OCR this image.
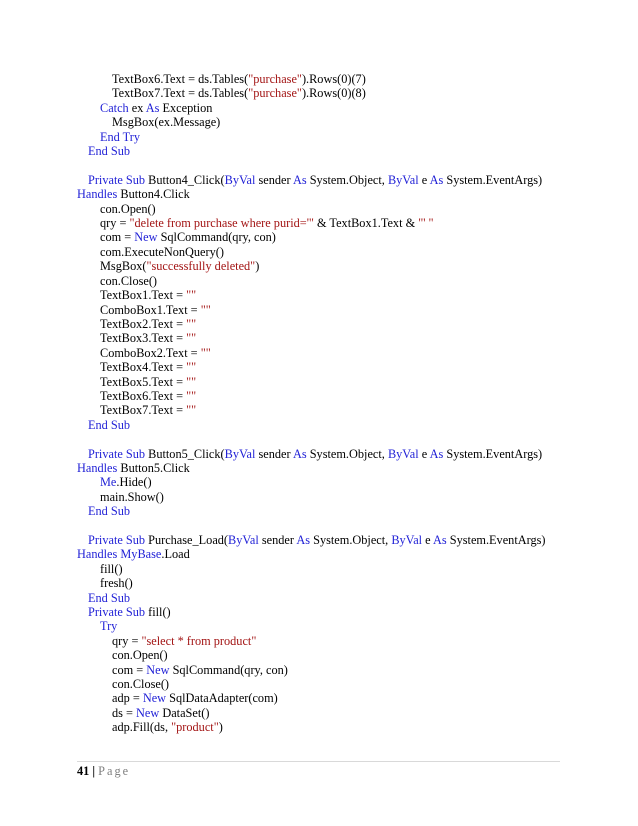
TextBox6.Text = ds.Tables("purchase").Rows(0)(7)
TextBox7.Text = ds.Tables("purchase").Rows(0)(8)
Catch ex As Exception
MsgBox(ex.Message)
End Try
End Sub
Private Sub Button4_Click(ByVal sender As System.Object, ByVal e As System.EventArgs)
Handles Button4.Click
con.Open()
qry = "delete from purchase where purid='" & TextBox1.Text & "' "
com = New SqlCommand(qry, con)
com.ExecuteNonQuery()
MsgBox("successfully deleted")
con.Close()
TextBox1.Text = ""
ComboBox1.Text = ""
TextBox2.Text = ""
TextBox3.Text = ""
ComboBox2.Text = ""
TextBox4.Text = ""
TextBox5.Text = ""
TextBox6.Text = ""
TextBox7.Text = ""
End Sub
Private Sub Button5_Click(ByVal sender As System.Object, ByVal e As System.EventArgs)
Handles Button5.Click
Me.Hide()
main.Show()
End Sub
Private Sub Purchase_Load(ByVal sender As System.Object, ByVal e As System.EventArgs)
Handles MyBase.Load
fill()
fresh()
End Sub
Private Sub fill()
Try
qry = "select * from product"
con.Open()
com = New SqlCommand(qry, con)
con.Close()
adp = New SqlDataAdapter(com)
ds = New DataSet()
adp.Fill(ds, "product")
41 | Page
